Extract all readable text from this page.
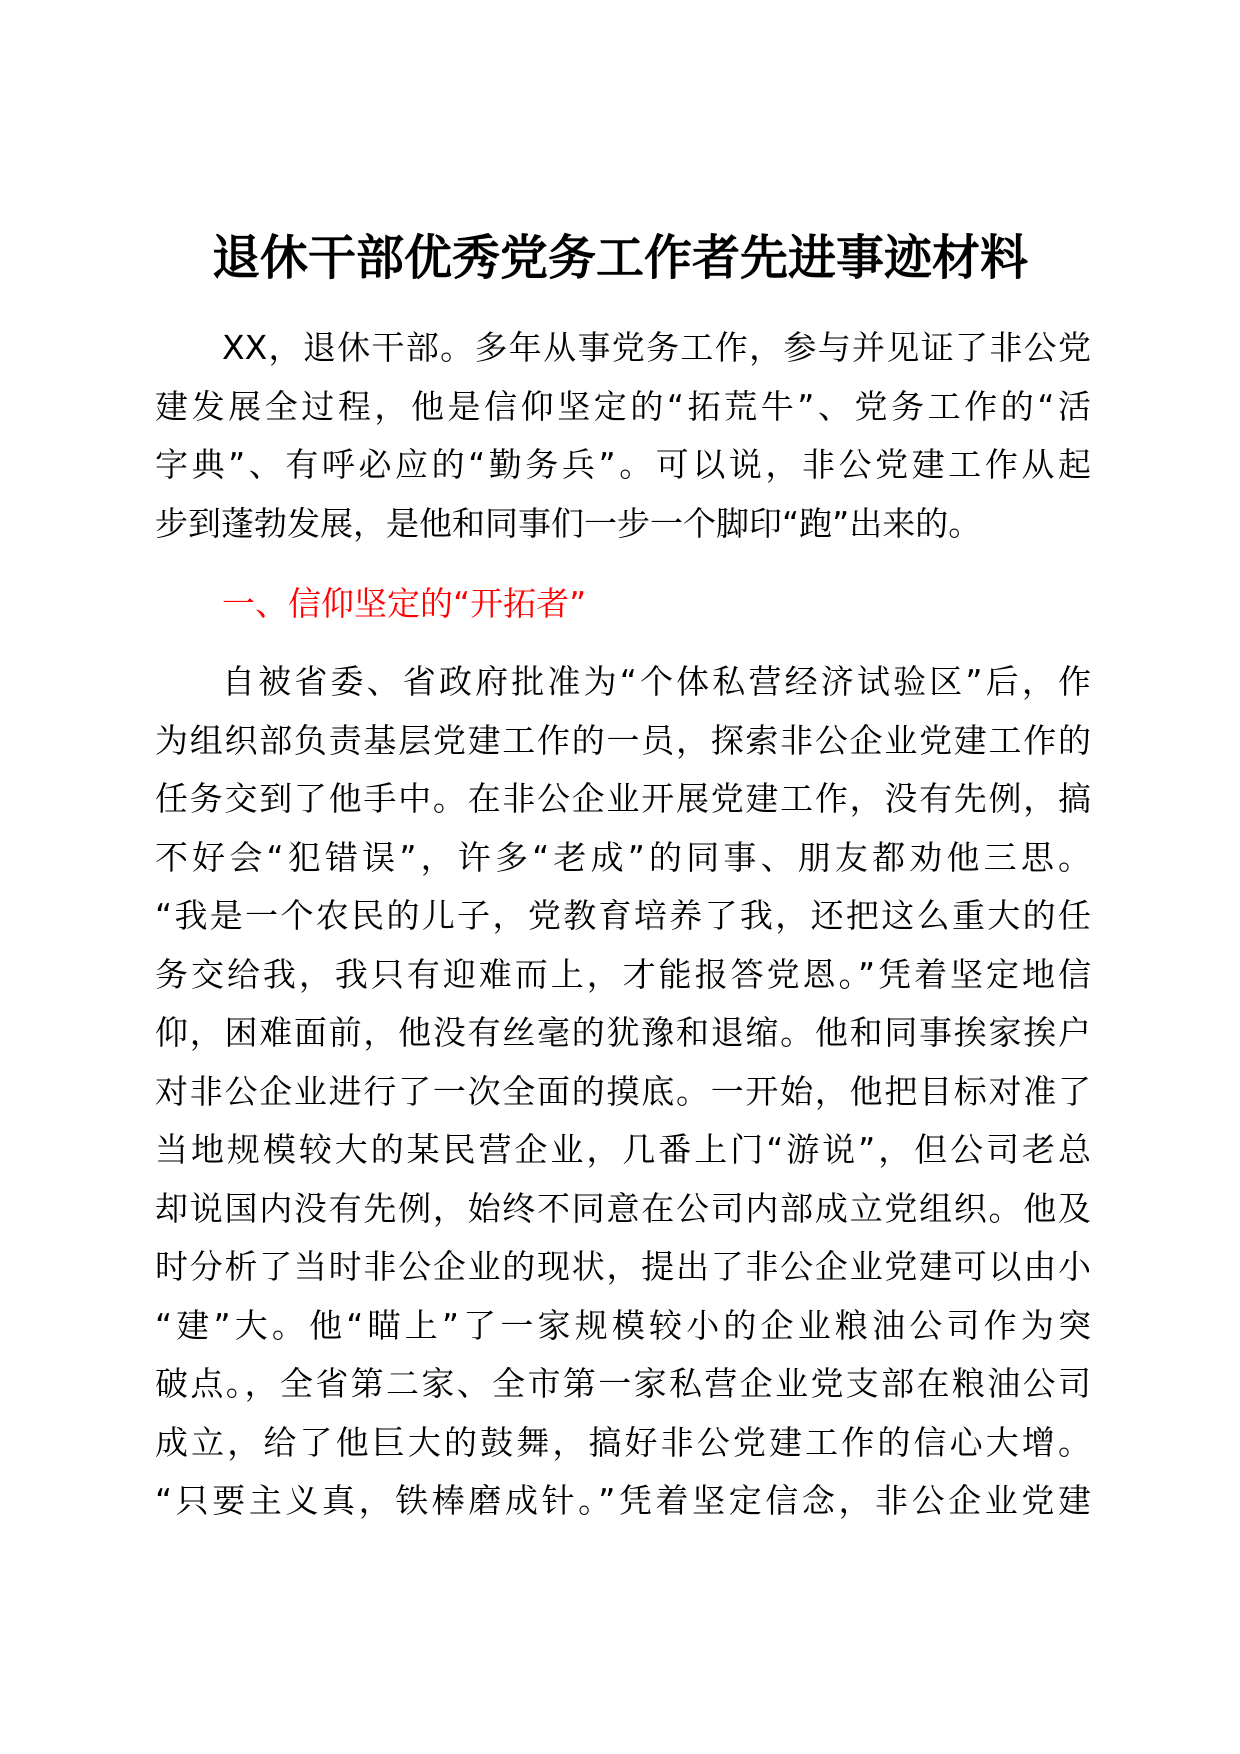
退休干部优秀党务工作者先进事迹材料
XX，退休干部。多年从事党务工作，参与并见证了非公党
建发展全过程，他是信仰坚定的“拓荒牛”、党务工作的“活
字典”、有呼必应的“勤务兵”。可以说，非公党建工作从起
步到蓬勃发展，是他和同事们一步一个脚印“跑”出来的。
一、信仰坚定的“开拓者”
自被省委、省政府批准为“个体私营经济试验区”后，作
为组织部负责基层党建工作的一员，探索非公企业党建工作的
任务交到了他手中。在非公企业开展党建工作，没有先例，搞
不好会“犯错误”，许多“老成”的同事、朋友都劝他三思。
“我是一个农民的儿子，党教育培养了我，还把这么重大的任
务交给我，我只有迎难而上，才能报答党恩。”凭着坚定地信
仰，困难面前，他没有丝毫的犹豫和退缩。他和同事挨家挨户
对非公企业进行了一次全面的摸底。一开始，他把目标对准了
当地规模较大的某民营企业，几番上门“游说”，但公司老总
却说国内没有先例，始终不同意在公司内部成立党组织。他及
时分析了当时非公企业的现状，提出了非公企业党建可以由小
“建”大。他“瞄上”了一家规模较小的企业粮油公司作为突
破点。，全省第二家、全市第一家私营企业党支部在粮油公司
成立，给了他巨大的鼓舞，搞好非公党建工作的信心大增。
“只要主义真，铁棒磨成针。”凭着坚定信念，非公企业党建
